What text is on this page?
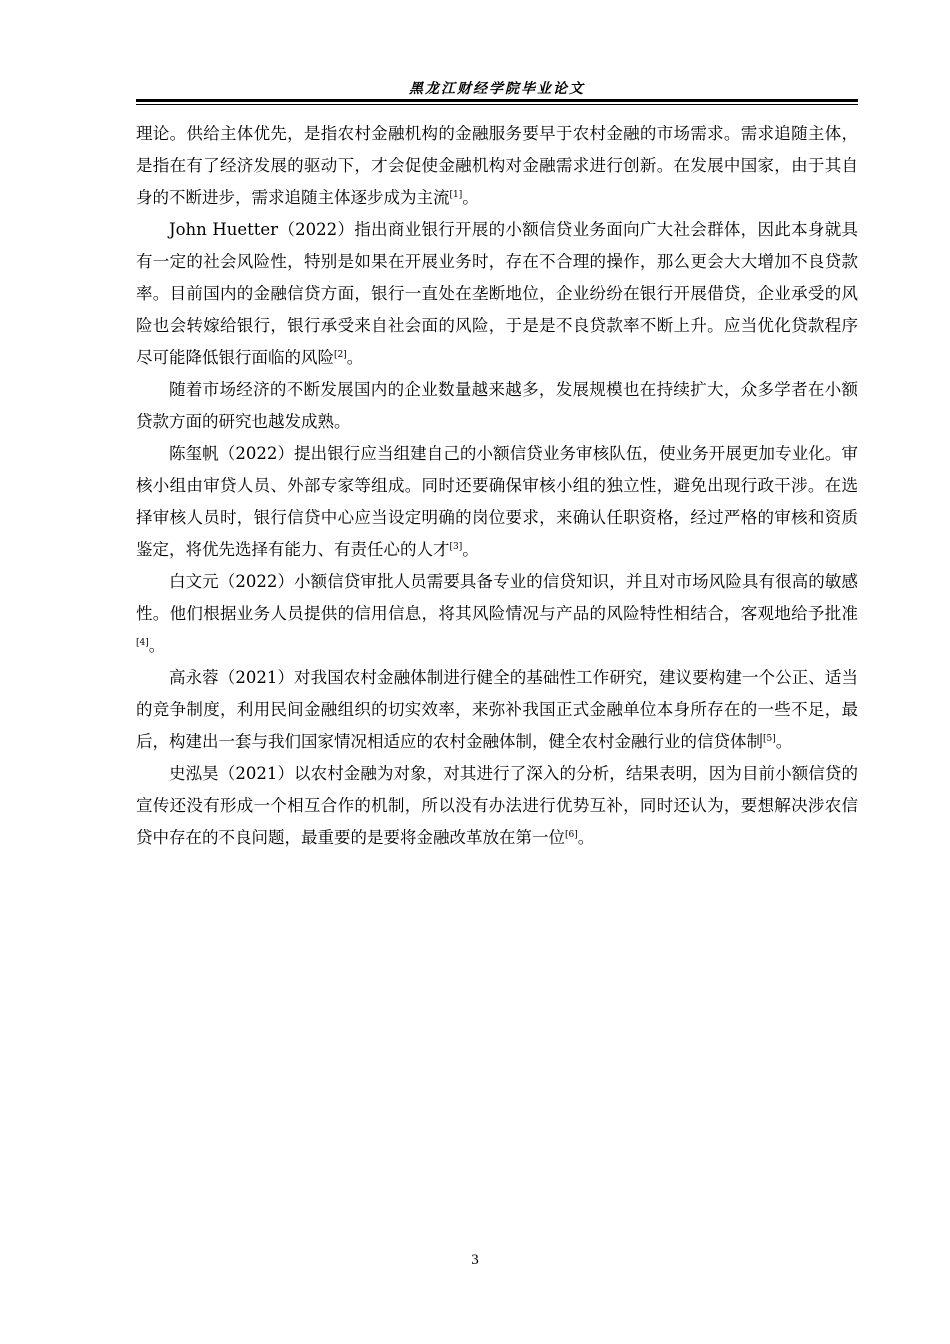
黑龙江财经学院毕业论文

理论。供给主体优先，是指农村金融机构的金融服务要早于农村金融的市场需求。需求追随主体，是指在有了经济发展的驱动下，才会促使金融机构对金融需求进行创新。在发展中国家，由于其自身的不断进步，需求追随主体逐步成为主流[1]。

John Huetter（2022）指出商业银行开展的小额信贷业务面向广大社会群体，因此本身就具有一定的社会风险性，特别是如果在开展业务时，存在不合理的操作，那么更会大大增加不良贷款率。目前国内的金融信贷方面，银行一直处在垄断地位，企业纷纷在银行开展借贷，企业承受的风险也会转嫁给银行，银行承受来自社会面的风险，于是是不良贷款率不断上升。应当优化贷款程序尽可能降低银行面临的风险[2]。

随着市场经济的不断发展国内的企业数量越来越多，发展规模也在持续扩大，众多学者在小额贷款方面的研究也越发成熟。

陈玺帆（2022）提出银行应当组建自己的小额信贷业务审核队伍，使业务开展更加专业化。审核小组由审贷人员、外部专家等组成。同时还要确保审核小组的独立性，避免出现行政干涉。在选择审核人员时，银行信贷中心应当设定明确的岗位要求，来确认任职资格，经过严格的审核和资质鉴定，将优先选择有能力、有责任心的人才[3]。

白文元（2022）小额信贷审批人员需要具备专业的信贷知识，并且对市场风险具有很高的敏感性。他们根据业务人员提供的信用信息，将其风险情况与产品的风险特性相结合，客观地给予批准[4]。

高永蓉（2021）对我国农村金融体制进行健全的基础性工作研究，建议要构建一个公正、适当的竞争制度，利用民间金融组织的切实效率，来弥补我国正式金融单位本身所存在的一些不足，最后，构建出一套与我们国家情况相适应的农村金融体制，健全农村金融行业的信贷体制[5]。

史泓昊（2021）以农村金融为对象，对其进行了深入的分析，结果表明，因为目前小额信贷的宣传还没有形成一个相互合作的机制，所以没有办法进行优势互补，同时还认为，要想解决涉农信贷中存在的不良问题，最重要的是要将金融改革放在第一位[6]。

3
